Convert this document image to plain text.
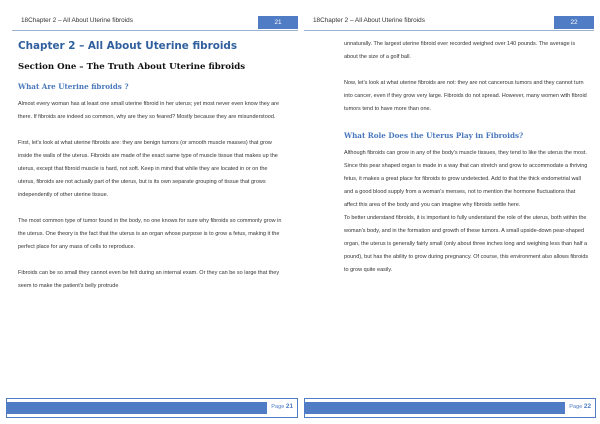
18Chapter 2 – All About Uterine fibroids	21
Chapter 2 – All About Uterine fibroids
Section One – The Truth About Uterine fibroids
What Are Uterine fibroids ?

Almost every woman has at least one small uterine fibroid in her uterus; yet most never even know they are there. If fibroids are indeed so common, why are they so feared? Mostly because they are misunderstood.

First, let's look at what uterine fibroids are: they are benign tumors (or smooth muscle masses) that grow inside the walls of the uterus. Fibroids are made of the exact same type of muscle tissue that makes up the uterus, except that fibroid muscle is hard, not soft. Keep in mind that while they are located in or on the uterus, fibroids are not actually part of the uterus, but is its own separate grouping of tissue that grows independently of other uterine tissue.

The most common type of tumor found in the body, no one knows for sure why fibroids so commonly grow in the uterus. One theory is the fact that the uterus is an organ whose purpose is to grow a fetus, making it the perfect place for any mass of cells to reproduce.

Fibroids can be so small they cannot even be felt during an internal exam. Or they can be so large that they seem to make the patient's belly protrude

Page 21
18Chapter 2 – All About Uterine fibroids	22

unnaturally. The largest uterine fibroid ever recorded weighed over 140 pounds. The average is about the size of a golf ball.

Now, let's look at what uterine fibroids are not: they are not cancerous tumors and they cannot turn into cancer, even if they grow very large. Fibroids do not spread. However, many women with fibroid tumors tend to have more than one.

What Role Does the Uterus Play in Fibroids?

Although fibroids can grow in any of the body's muscle tissues, they tend to like the uterus the most. Since this pear shaped organ is made in a way that can stretch and grow to accommodate a thriving fetus, it makes a great place for fibroids to grow undetected. Add to that the thick endometrial wall and a good blood supply from a woman's menses, not to mention the hormone fluctuations that affect this area of the body and you can imagine why fibroids settle here.

To better understand fibroids, it is important to fully understand the role of the uterus, both within the woman's body, and in the formation and growth of these tumors. A small upside-down pear-shaped organ, the uterus is generally fairly small (only about three inches long and weighing less than half a pound), but has the ability to grow during pregnancy. Of course, this environment also allows fibroids to grow quite easily.

Page 22
